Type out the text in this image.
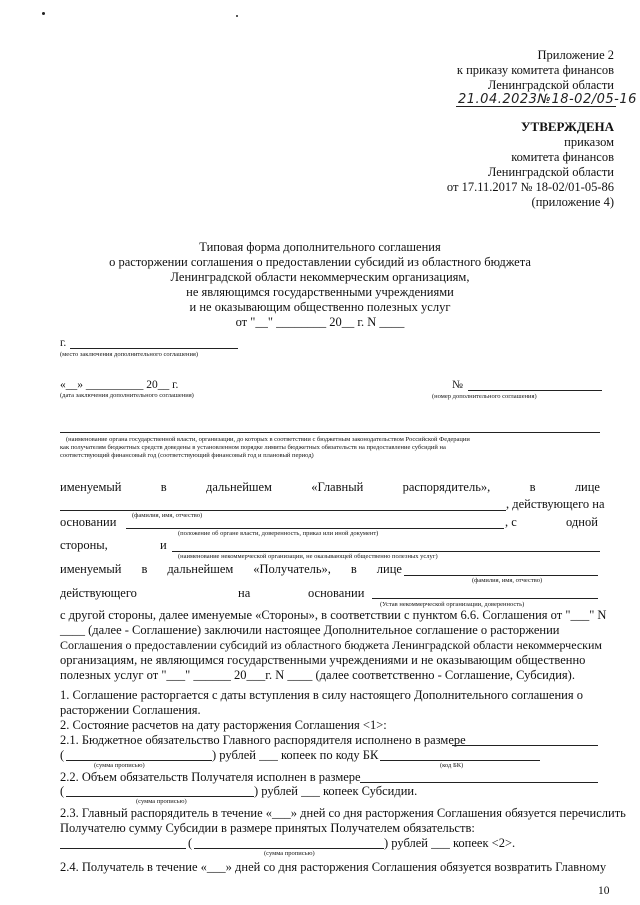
Приложение 2
к приказу комитета финансов
Ленинградской области
21.04.2023№18-02/05-16
УТВЕРЖДЕНА
приказом
комитета финансов
Ленинградской области
от 17.11.2017 № 18-02/01-05-86
(приложение 4)
Типовая форма дополнительного соглашения
о расторжении соглашения о предоставлении субсидий из областного бюджета
Ленинградской области некоммерческим организациям,
не являющимся государственными учреждениями
и не оказывающим общественно полезных услуг
от "__" ________ 20__ г. N ____
г.
(место заключения дополнительного соглашения)
«__» __________ 20__ г.
(дата заключения дополнительного соглашения)
№
(номер дополнительного соглашения)
(наименование органа государственной власти, организации, до которых в соответствии с бюджетным законодательством Российской Федерации
как получателям бюджетных средств доведены в установленном порядке лимиты бюджетных обязательств на предоставление субсидий на
соответствующий финансовый год (соответствующий финансовый год и плановый период)
именуемый	в	дальнейшем	«Главный	распорядитель»,	в	лице
, действующего на
(фамилия, имя, отчество)
основании	, с	одной
(положение об органе власти, доверенность, приказ или иной документ)
стороны,	и
(наименование некоммерческой организации, не оказывающей общественно полезных услуг)
именуемый в дальнейшем «Получатель», в лице
(фамилия, имя, отчество)
действующего	на	основании
(Устав некоммерческой организации, доверенность)
с другой стороны, далее именуемые «Стороны», в соответствии с пунктом 6.6. Соглашения от "___" N
____ (далее - Соглашение) заключили настоящее Дополнительное соглашение о расторжении
Соглашения о предоставлении субсидий из областного бюджета Ленинградской области некоммерческим
организациям, не являющимся государственными учреждениями и не оказывающим общественно
полезных услуг от "___" ______ 20___г. N ____ (далее соответственно - Соглашение, Субсидия).
1. Соглашение расторгается с даты вступления в силу настоящего Дополнительного соглашения о
расторжении Соглашения.
2. Состояние расчетов на дату расторжения Соглашения <1>:
2.1. Бюджетное обязательство Главного распорядителя исполнено в размере
(	) рублей ___ копеек по коду БК
(сумма прописью)	(код БК)
2.2. Объем обязательств Получателя исполнен в размере
(	) рублей ___ копеек Субсидии.
(сумма прописью)
2.3. Главный распорядитель в течение «___» дней со дня расторжения Соглашения обязуется перечислить
Получателю сумму Субсидии в размере принятых Получателем обязательств:
(	) рублей ___ копеек <2>.
(сумма прописью)
2.4. Получатель в течение «___» дней со дня расторжения Соглашения обязуется возвратить Главному
10
